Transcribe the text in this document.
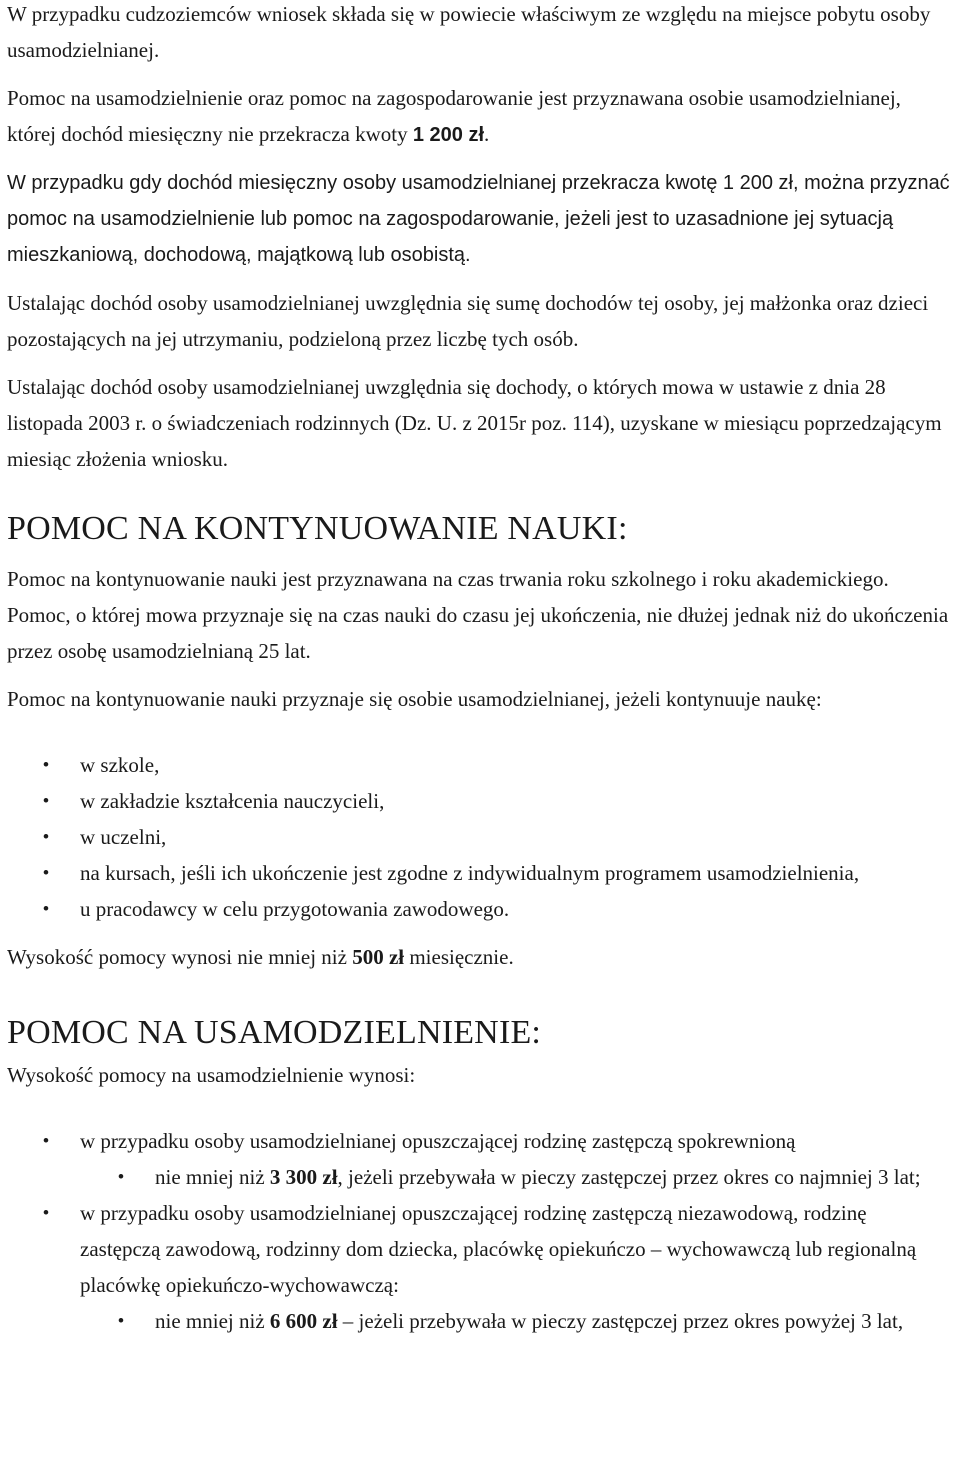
W przypadku cudzoziemców wniosek składa się w powiecie właściwym ze względu na miejsce pobytu osoby usamodzielnianej.

Pomoc na usamodzielnienie oraz pomoc na zagospodarowanie jest przyznawana osobie usamodzielnianej, której dochód miesięczny nie przekracza kwoty 1 200 zł.

W przypadku gdy dochód miesięczny osoby usamodzielnianej przekracza kwotę 1 200 zł, można przyznać pomoc na usamodzielnienie lub pomoc na zagospodarowanie, jeżeli jest to uzasadnione jej sytuacją mieszkaniową, dochodową, majątkową lub osobistą.

Ustalając dochód osoby usamodzielnianej uwzględnia się sumę dochodów tej osoby, jej małżonka oraz dzieci pozostających na jej utrzymaniu, podzieloną przez liczbę tych osób.

Ustalając dochód osoby usamodzielnianej uwzględnia się dochody, o których mowa w ustawie z dnia 28 listopada 2003 r. o świadczeniach rodzinnych (Dz. U. z 2015r poz. 114), uzyskane w miesiącu poprzedzającym miesiąc złożenia wniosku.

POMOC NA KONTYNUOWANIE NAUKI:

Pomoc na kontynuowanie nauki jest przyznawana na czas trwania roku szkolnego i roku akademickiego. Pomoc, o której mowa przyznaje się na czas nauki do czasu jej ukończenia, nie dłużej jednak niż do ukończenia przez osobę usamodzielnianą 25 lat.

Pomoc na kontynuowanie nauki przyznaje się osobie usamodzielnianej, jeżeli kontynuuje naukę:

• w szkole,
• w zakładzie kształcenia nauczycieli,
• w uczelni,
• na kursach, jeśli ich ukończenie jest zgodne z indywidualnym programem usamodzielnienia,
• u pracodawcy w celu przygotowania zawodowego.

Wysokość pomocy wynosi nie mniej niż 500 zł miesięcznie.

POMOC NA USAMODZIELNIENIE:

Wysokość pomocy na usamodzielnienie wynosi:

• w przypadku osoby usamodzielnianej opuszczającej rodzinę zastępczą spokrewnioną
• nie mniej niż 3 300 zł, jeżeli przebywała w pieczy zastępczej przez okres co najmniej 3 lat;
• w przypadku osoby usamodzielnianej opuszczającej rodzinę zastępczą niezawodową, rodzinę zastępczą zawodową, rodzinny dom dziecka, placówkę opiekuńczo – wychowawczą lub regionalną placówkę opiekuńczo-wychowawczą:
• nie mniej niż 6 600 zł – jeżeli przebywała w pieczy zastępczej przez okres powyżej 3 lat,
